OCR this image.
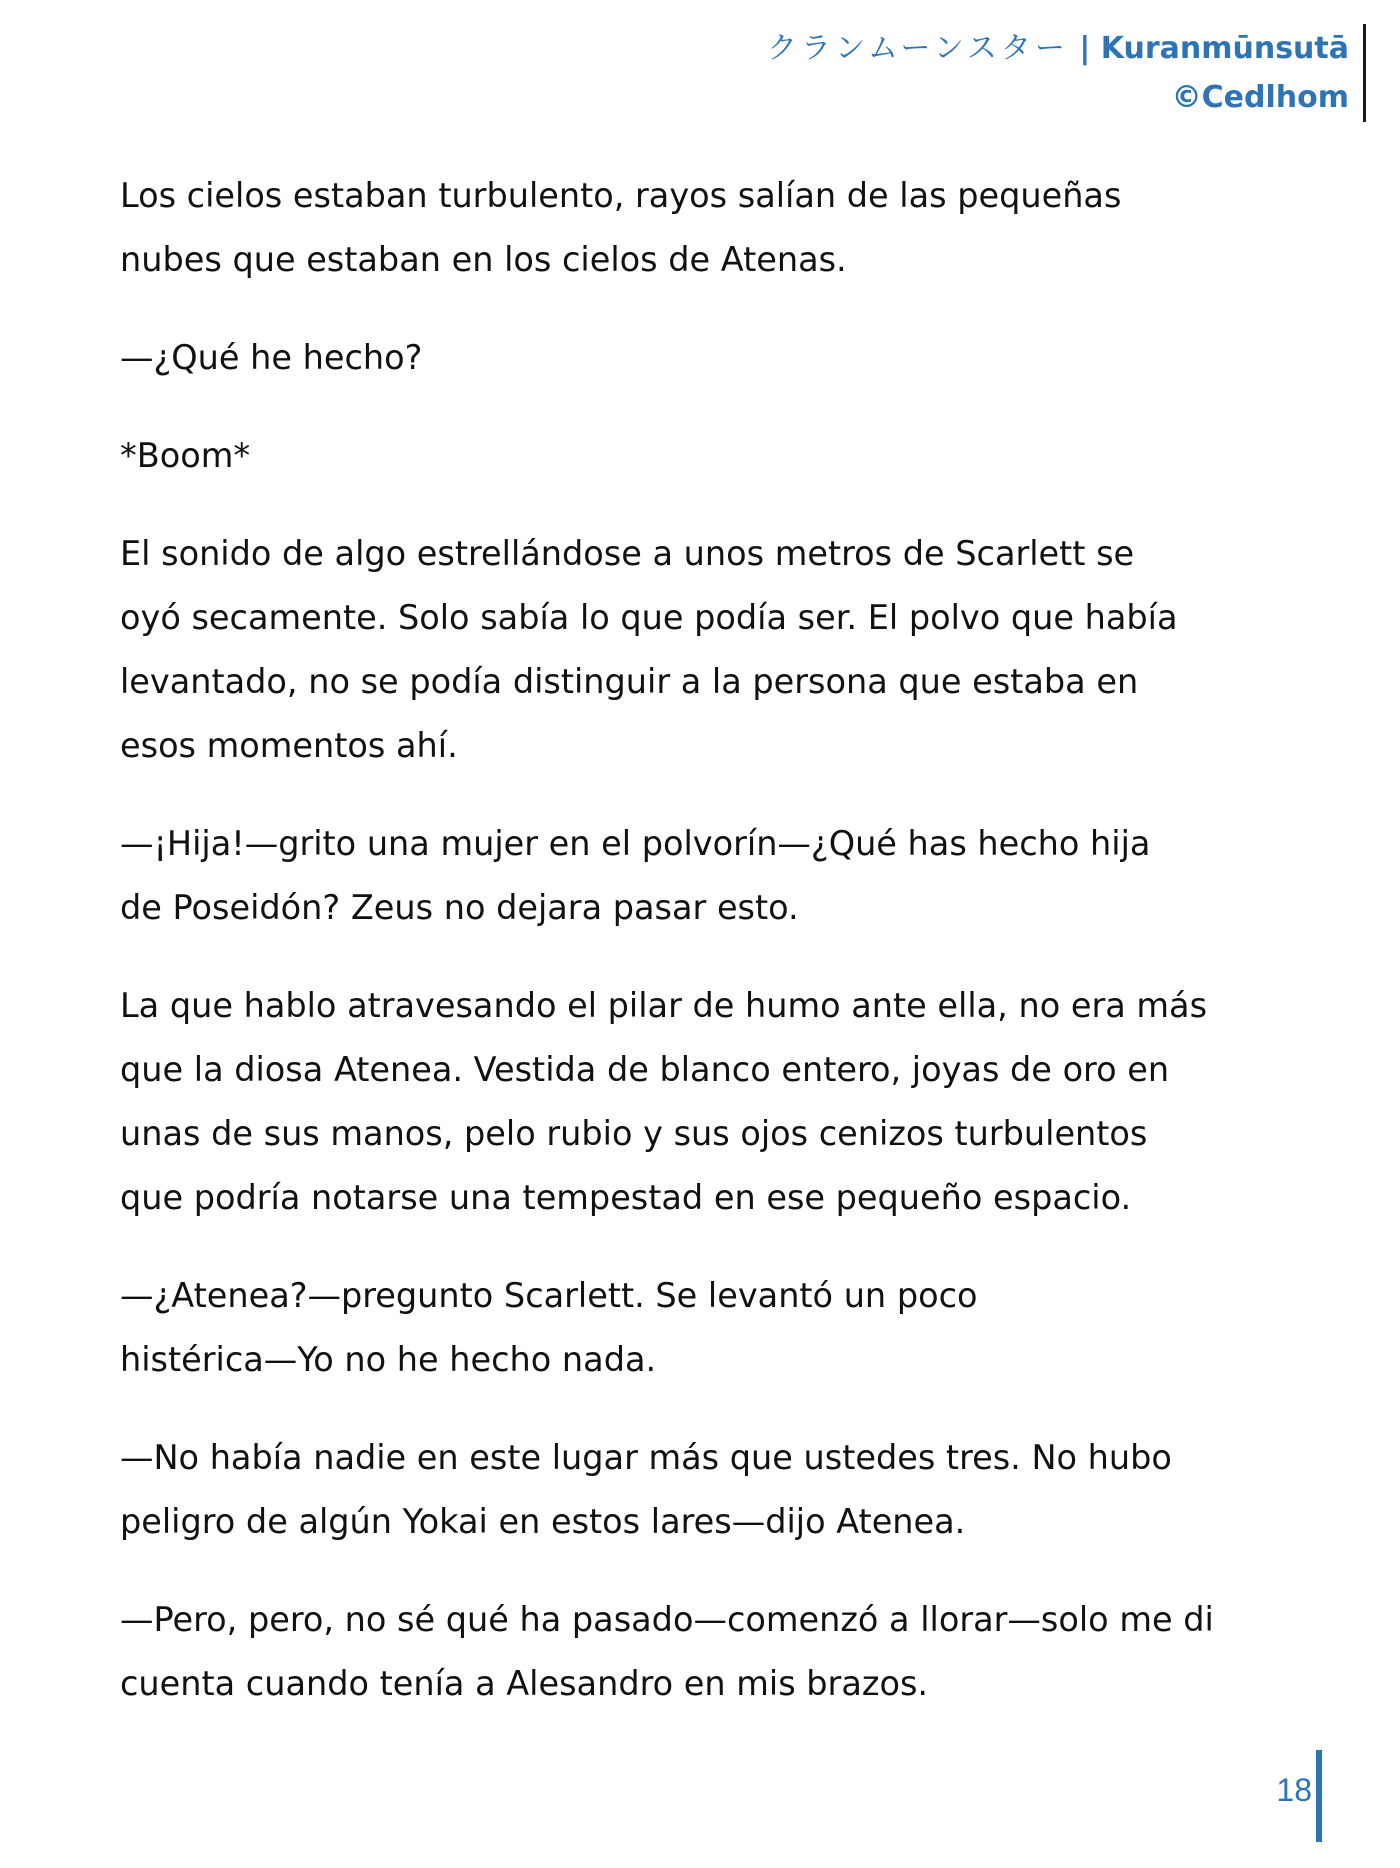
クランムーンスター | Kuranmūnsutā
©Cedlhom

Los cielos estaban turbulento, rayos salían de las pequeñas
nubes que estaban en los cielos de Atenas.

—¿Qué he hecho?

*Boom*

El sonido de algo estrellándose a unos metros de Scarlett se
oyó secamente. Solo sabía lo que podía ser. El polvo que había
levantado, no se podía distinguir a la persona que estaba en
esos momentos ahí.

—¡Hija!—grito una mujer en el polvorín—¿Qué has hecho hija
de Poseidón? Zeus no dejara pasar esto.

La que hablo atravesando el pilar de humo ante ella, no era más
que la diosa Atenea. Vestida de blanco entero, joyas de oro en
unas de sus manos, pelo rubio y sus ojos cenizos turbulentos
que podría notarse una tempestad en ese pequeño espacio.

—¿Atenea?—pregunto Scarlett. Se levantó un poco
histérica—Yo no he hecho nada.

—No había nadie en este lugar más que ustedes tres. No hubo
peligro de algún Yokai en estos lares—dijo Atenea.

—Pero, pero, no sé qué ha pasado—comenzó a llorar—solo me di
cuenta cuando tenía a Alesandro en mis brazos.

18
